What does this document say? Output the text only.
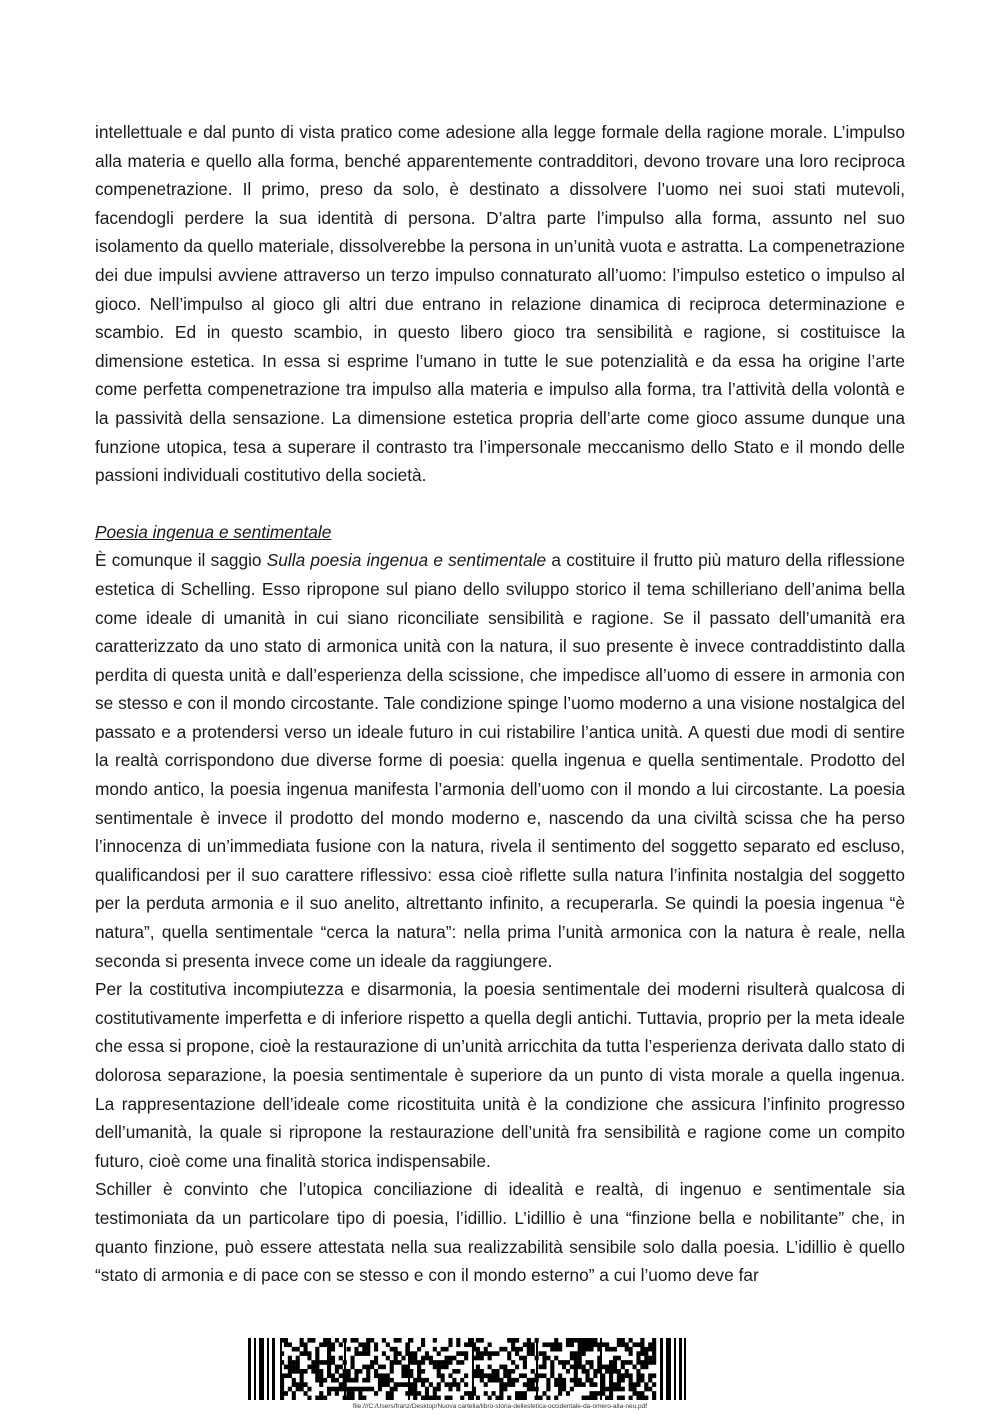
intellettuale e dal punto di vista pratico come adesione alla legge formale della ragione morale. L’impulso alla materia e quello alla forma, benché apparentemente contradditori, devono trovare una loro reciproca compenetrazione. Il primo, preso da solo, è destinato a dissolvere l’uomo nei suoi stati mutevoli, facendogli perdere la sua identità di persona. D’altra parte l’impulso alla forma, assunto nel suo isolamento da quello materiale, dissolverebbe la persona in un’unità vuota e astratta. La compenetrazione dei due impulsi avviene attraverso un terzo impulso connaturato all’uomo: l’impulso estetico o impulso al gioco. Nell’impulso al gioco gli altri due entrano in relazione dinamica di reciproca determinazione e scambio. Ed in questo scambio, in questo libero gioco tra sensibilità e ragione, si costituisce la dimensione estetica. In essa si esprime l’umano in tutte le sue potenzialità e da essa ha origine l’arte come perfetta compenetrazione tra impulso alla materia e impulso alla forma, tra l’attività della volontà e la passività della sensazione. La dimensione estetica propria dell’arte come gioco assume dunque una funzione utopica, tesa a superare il contrasto tra l’impersonale meccanismo dello Stato e il mondo delle passioni individuali costitutivo della società.

Poesia ingenua e sentimentale

È comunque il saggio Sulla poesia ingenua e sentimentale a costituire il frutto più maturo della riflessione estetica di Schelling. Esso ripropone sul piano dello sviluppo storico il tema schilleriano dell’anima bella come ideale di umanità in cui siano riconciliate sensibilità e ragione. Se il passato dell’umanità era caratterizzato da uno stato di armonica unità con la natura, il suo presente è invece contraddistinto dalla perdita di questa unità e dall’esperienza della scissione, che impedisce all’uomo di essere in armonia con se stesso e con il mondo circostante. Tale condizione spinge l’uomo moderno a una visione nostalgica del passato e a protendersi verso un ideale futuro in cui ristabilire l’antica unità. A questi due modi di sentire la realtà corrispondono due diverse forme di poesia: quella ingenua e quella sentimentale. Prodotto del mondo antico, la poesia ingenua manifesta l’armonia dell’uomo con il mondo a lui circostante. La poesia sentimentale è invece il prodotto del mondo moderno e, nascendo da una civiltà scissa che ha perso l’innocenza di un’immediata fusione con la natura, rivela il sentimento del soggetto separato ed escluso, qualificandosi per il suo carattere riflessivo: essa cioè riflette sulla natura l’infinita nostalgia del soggetto per la perduta armonia e il suo anelito, altrettanto infinito, a recuperarla. Se quindi la poesia ingenua “è natura”, quella sentimentale “cerca la natura”: nella prima l’unità armonica con la natura è reale, nella seconda si presenta invece come un ideale da raggiungere.

Per la costitutiva incompiutezza e disarmonia, la poesia sentimentale dei moderni risulterà qualcosa di costitutivamente imperfetta e di inferiore rispetto a quella degli antichi. Tuttavia, proprio per la meta ideale che essa si propone, cioè la restaurazione di un’unità arricchita da tutta l’esperienza derivata dallo stato di dolorosa separazione, la poesia sentimentale è superiore da un punto di vista morale a quella ingenua. La rappresentazione dell’ideale come ricostituita unità è la condizione che assicura l’infinito progresso dell’umanità, la quale si ripropone la restaurazione dell’unità fra sensibilità e ragione come un compito futuro, cioè come una finalità storica indispensabile.

Schiller è convinto che l’utopica conciliazione di idealità e realtà, di ingenuo e sentimentale sia testimoniata da un particolare tipo di poesia, l’idillio. L’idillio è una “finzione bella e nobilitante” che, in quanto finzione, può essere attestata nella sua realizzabilità sensibile solo dalla poesia. L’idillio è quello “stato di armonia e di pace con se stesso e con il mondo esterno” a cui l’uomo deve far

file:///C:/Users/franz/Desktop/Nuova cartella/libro-storia-dellestetica-occidentale-da-omero-alla-neu.pdf
